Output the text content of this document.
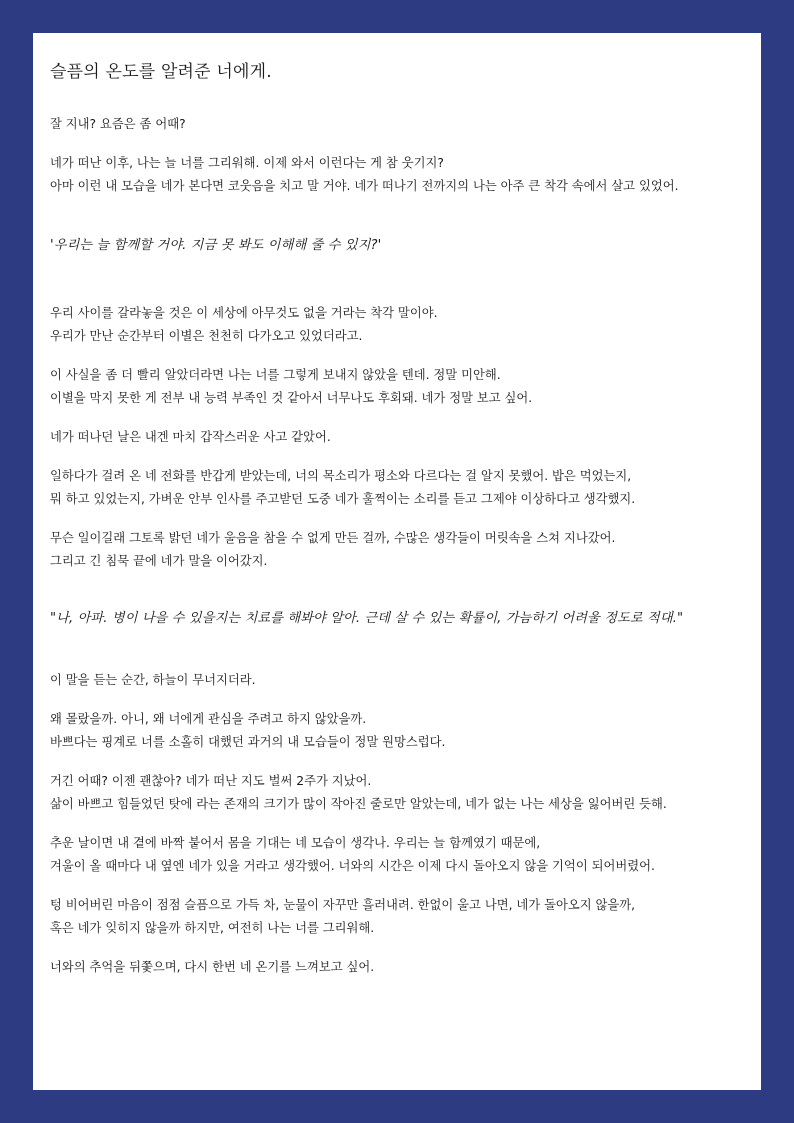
슬픔의 온도를 알려준 너에게.

잘 지내? 요즘은 좀 어때?

네가 떠난 이후, 나는 늘 너를 그리워해. 이제 와서 이런다는 게 참 웃기지?

아마 이런 내 모습을 네가 본다면 코웃음을 치고 말 거야. 네가 떠나기 전까지의 나는 아주 큰 착각 속에서 살고 있었어.

'우리는 늘 함께할 거야. 지금 못 봐도 이해해 줄 수 있지?'

우리 사이를 갈라놓을 것은 이 세상에 아무것도 없을 거라는 착각 말이야.

우리가 만난 순간부터 이별은 천천히 다가오고 있었더라고.

이 사실을 좀 더 빨리 알았더라면 나는 너를 그렇게 보내지 않았을 텐데. 정말 미안해.

이별을 막지 못한 게 전부 내 능력 부족인 것 같아서 너무나도 후회돼. 네가 정말 보고 싶어.

네가 떠나던 날은 내겐 마치 갑작스러운 사고 같았어.

일하다가 걸려 온 네 전화를 반갑게 받았는데, 너의 목소리가 평소와 다르다는 걸 알지 못했어. 밥은 먹었는지,

뭐 하고 있었는지, 가벼운 안부 인사를 주고받던 도중 네가 훌쩍이는 소리를 듣고 그제야 이상하다고 생각했지.

무슨 일이길래 그토록 밝던 네가 울음을 참을 수 없게 만든 걸까, 수많은 생각들이 머릿속을 스쳐 지나갔어.

그리고 긴 침묵 끝에 네가 말을 이어갔지.

"나, 아파. 병이 나을 수 있을지는 치료를 해봐야 알아. 근데 살 수 있는 확률이, 가늠하기 어려울 정도로 적대."

이 말을 듣는 순간, 하늘이 무너지더라.

왜 몰랐을까. 아니, 왜 너에게 관심을 주려고 하지 않았을까.

바쁘다는 핑계로 너를 소홀히 대했던 과거의 내 모습들이 정말 원망스럽다.

거긴 어때? 이젠 괜찮아? 네가 떠난 지도 벌써 2주가 지났어.

삶이 바쁘고 힘들었던 탓에 라는 존재의 크기가 많이 작아진 줄로만 알았는데, 네가 없는 나는 세상을 잃어버린 듯해.

추운 날이면 내 곁에 바짝 붙어서 몸을 기대는 네 모습이 생각나. 우리는 늘 함께였기 때문에,

겨울이 올 때마다 내 옆엔 네가 있을 거라고 생각했어. 너와의 시간은 이제 다시 돌아오지 않을 기억이 되어버렸어.

텅 비어버린 마음이 점점 슬픔으로 가득 차, 눈물이 자꾸만 흘러내려. 한없이 울고 나면, 네가 돌아오지 않을까,

혹은 네가 잊히지 않을까 하지만, 여전히 나는 너를 그리워해.

너와의 추억을 뒤쫓으며, 다시 한번 네 온기를 느껴보고 싶어.
